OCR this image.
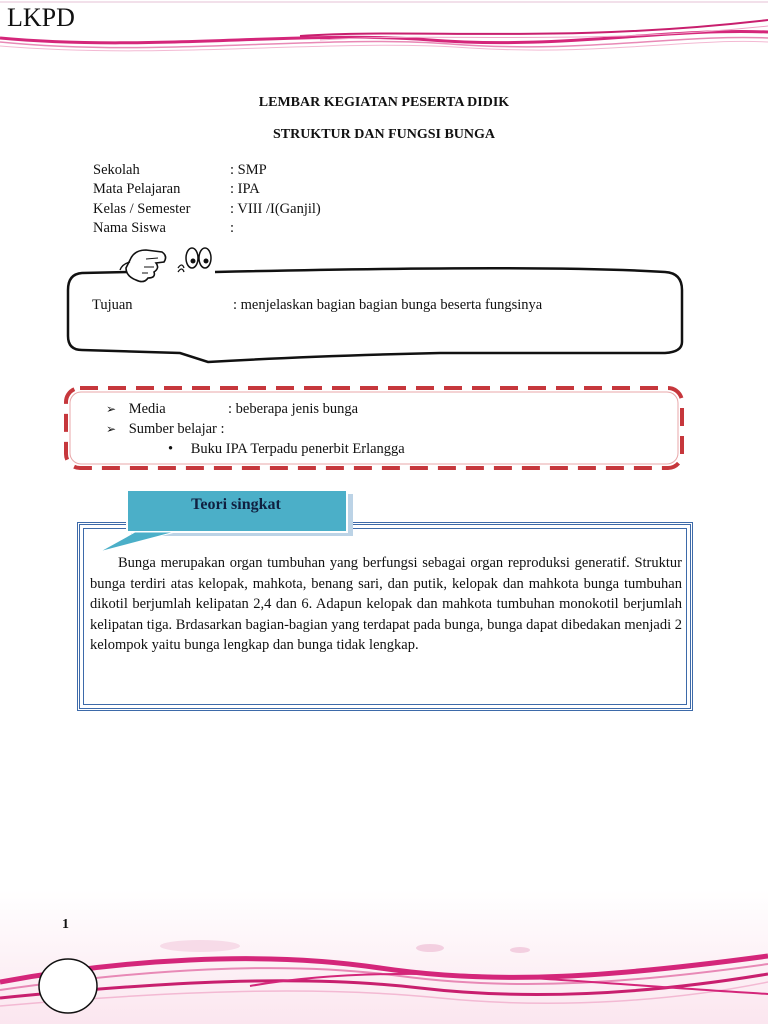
LKPD
LEMBAR KEGIATAN PESERTA DIDIK
STRUKTUR DAN FUNGSI BUNGA
Sekolah	: SMP
Mata Pelajaran	: IPA
Kelas / Semester	: VIII /I(Ganjil)
Nama Siswa	:
Tujuan	: menjelaskan bagian bagian bunga beserta fungsinya
➢ Media	: beberapa jenis bunga
➢ Sumber belajar :
• Buku IPA Terpadu penerbit Erlangga
Teori singkat
Bunga merupakan organ tumbuhan yang berfungsi sebagai organ reproduksi generatif. Struktur bunga terdiri atas kelopak, mahkota, benang sari, dan putik, kelopak dan mahkota bunga tumbuhan dikotil berjumlah kelipatan 2,4 dan 6. Adapun kelopak dan mahkota tumbuhan monokotil berjumlah kelipatan tiga. Brdasarkan bagian-bagian yang terdapat pada bunga, bunga dapat dibedakan menjadi 2 kelompok yaitu bunga lengkap dan bunga tidak lengkap.
1
